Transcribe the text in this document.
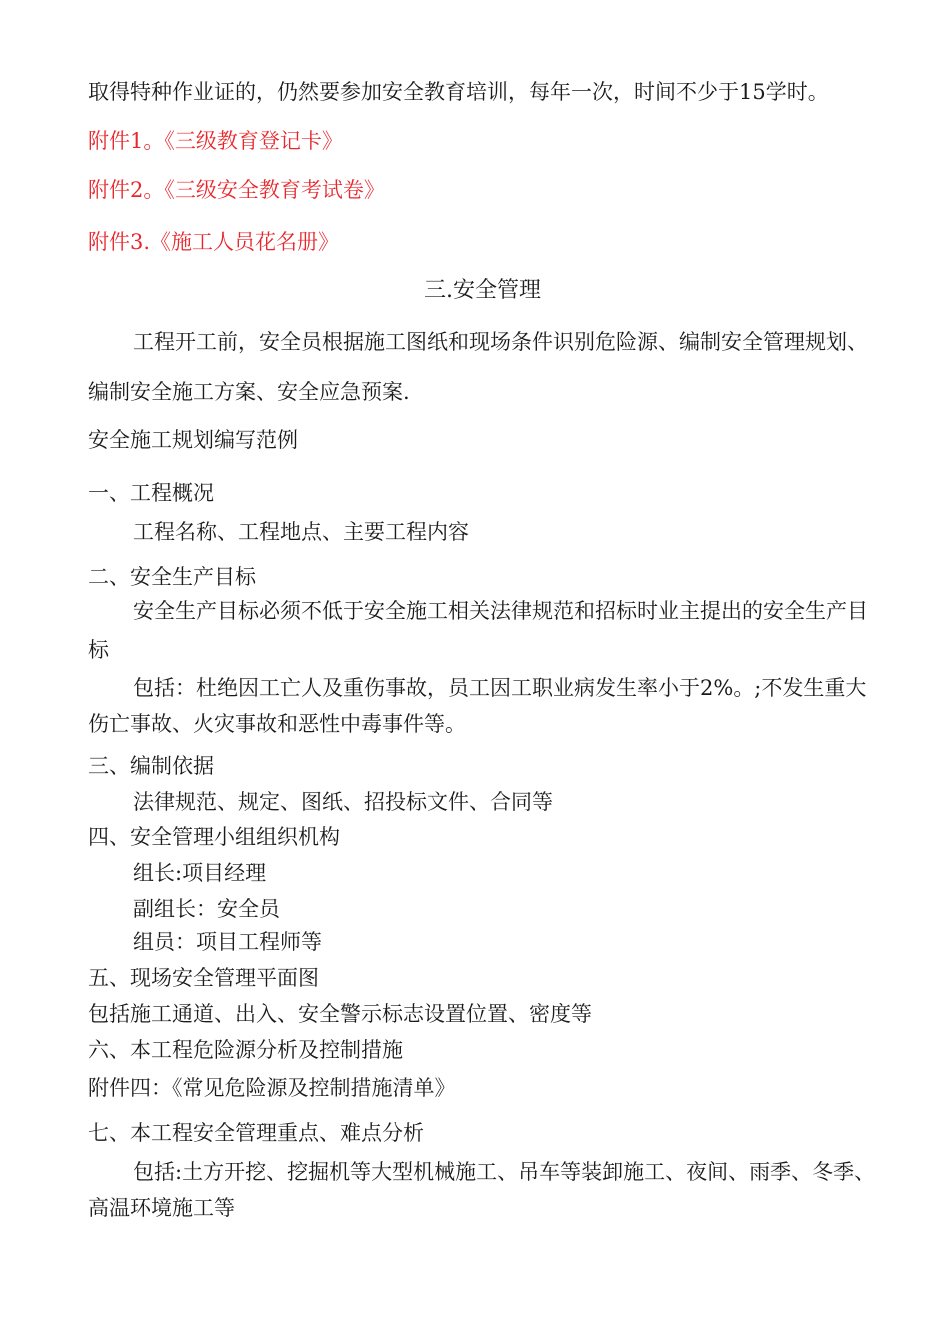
取得特种作业证的，仍然要参加安全教育培训，每年一次，时间不少于15学时。
附件1。《三级教育登记卡》
附件2。《三级安全教育考试卷》
附件3.《施工人员花名册》
三.安全管理
工程开工前，安全员根据施工图纸和现场条件识别危险源、编制安全管理规划、
编制安全施工方案、安全应急预案.
安全施工规划编写范例
一、工程概况
工程名称、工程地点、主要工程内容
二、安全生产目标
安全生产目标必须不低于安全施工相关法律规范和招标时业主提出的安全生产目
标
包括：杜绝因工亡人及重伤事故，员工因工职业病发生率小于2%。;不发生重大
伤亡事故、火灾事故和恶性中毒事件等。
三、编制依据
法律规范、规定、图纸、招投标文件、合同等
四、安全管理小组组织机构
组长:项目经理
副组长：安全员
组员：项目工程师等
五、现场安全管理平面图
包括施工通道、出入、安全警示标志设置位置、密度等
六、本工程危险源分析及控制措施
附件四：《常见危险源及控制措施清单》
七、本工程安全管理重点、难点分析
包括:土方开挖、挖掘机等大型机械施工、吊车等装卸施工、夜间、雨季、冬季、
高温环境施工等
